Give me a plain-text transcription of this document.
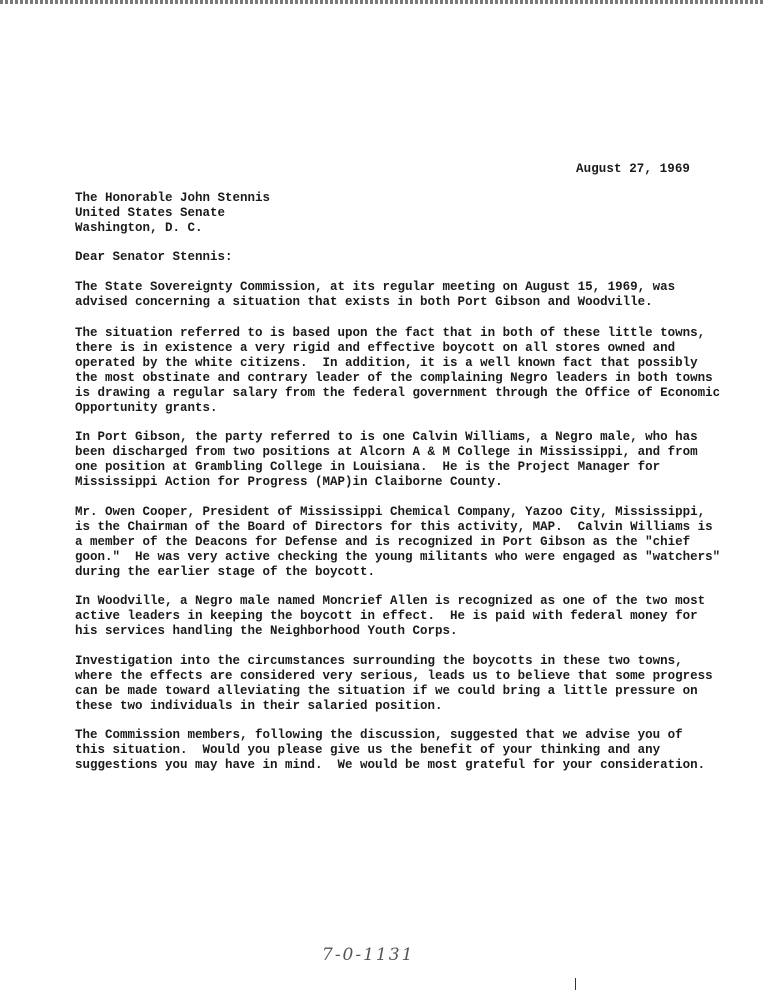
August 27, 1969
The Honorable John Stennis
United States Senate
Washington, D. C.
Dear Senator Stennis:
The State Sovereignty Commission, at its regular meeting on August 15, 1969, was
advised concerning a situation that exists in both Port Gibson and Woodville.
The situation referred to is based upon the fact that in both of these little towns,
there is in existence a very rigid and effective boycott on all stores owned and
operated by the white citizens.  In addition, it is a well known fact that possibly
the most obstinate and contrary leader of the complaining Negro leaders in both towns
is drawing a regular salary from the federal government through the Office of Economic
Opportunity grants.
In Port Gibson, the party referred to is one Calvin Williams, a Negro male, who has
been discharged from two positions at Alcorn A & M College in Mississippi, and from
one position at Grambling College in Louisiana.  He is the Project Manager for
Mississippi Action for Progress (MAP)in Claiborne County.
Mr. Owen Cooper, President of Mississippi Chemical Company, Yazoo City, Mississippi,
is the Chairman of the Board of Directors for this activity, MAP.  Calvin Williams is
a member of the Deacons for Defense and is recognized in Port Gibson as the "chief
goon."  He was very active checking the young militants who were engaged as "watchers"
during the earlier stage of the boycott.
In Woodville, a Negro male named Moncrief Allen is recognized as one of the two most
active leaders in keeping the boycott in effect.  He is paid with federal money for
his services handling the Neighborhood Youth Corps.
Investigation into the circumstances surrounding the boycotts in these two towns,
where the effects are considered very serious, leads us to believe that some progress
can be made toward alleviating the situation if we could bring a little pressure on
these two individuals in their salaried position.
The Commission members, following the discussion, suggested that we advise you of
this situation.  Would you please give us the benefit of your thinking and any
suggestions you may have in mind.  We would be most grateful for your consideration.
7-0-1131
